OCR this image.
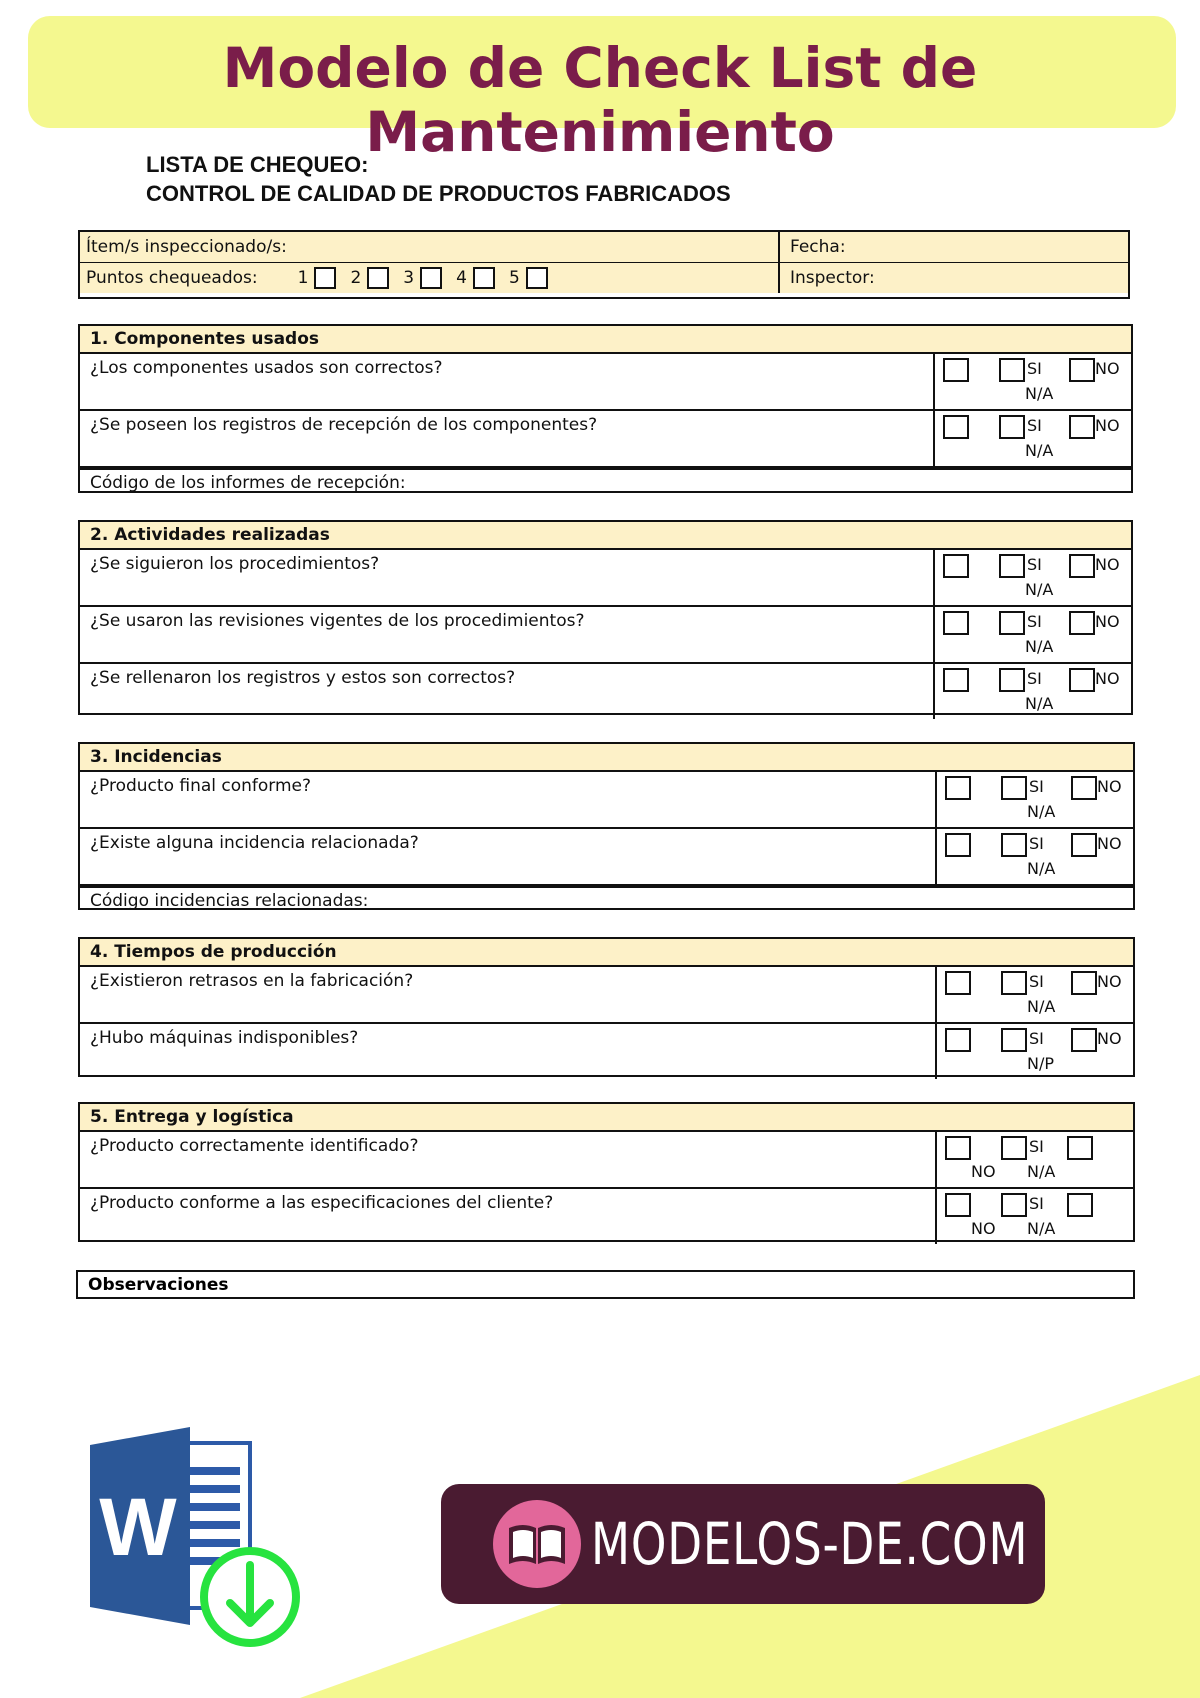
Modelo de Check List de Mantenimiento
LISTA DE CHEQUEO:
CONTROL DE CALIDAD DE PRODUCTOS FABRICADOS
Ítem/s inspeccionado/s:	Fecha:
Puntos chequeados: 1 2 3 4 5	Inspector:
1. Componentes usados
¿Los componentes usados son correctos?	SI	NO
N/A
¿Se poseen los registros de recepción de los componentes?	SI	NO
N/A
Código de los informes de recepción:
2. Actividades realizadas
¿Se siguieron los procedimientos?	SI	NO
N/A
¿Se usaron las revisiones vigentes de los procedimientos?	SI	NO
N/A
¿Se rellenaron los registros y estos son correctos?	SI	NO
N/A
3. Incidencias
¿Producto final conforme?	SI	NO
N/A
¿Existe alguna incidencia relacionada?	SI	NO
N/A
Código incidencias relacionadas:
4. Tiempos de producción
¿Existieron retrasos en la fabricación?	SI	NO
N/A
¿Hubo máquinas indisponibles?	SI	NO
N/P
5. Entrega y logística
¿Producto correctamente identificado?	SI
NO N/A
¿Producto conforme a las especificaciones del cliente?	SI
NO N/A
Observaciones
W	MODELOS-DE.COM
